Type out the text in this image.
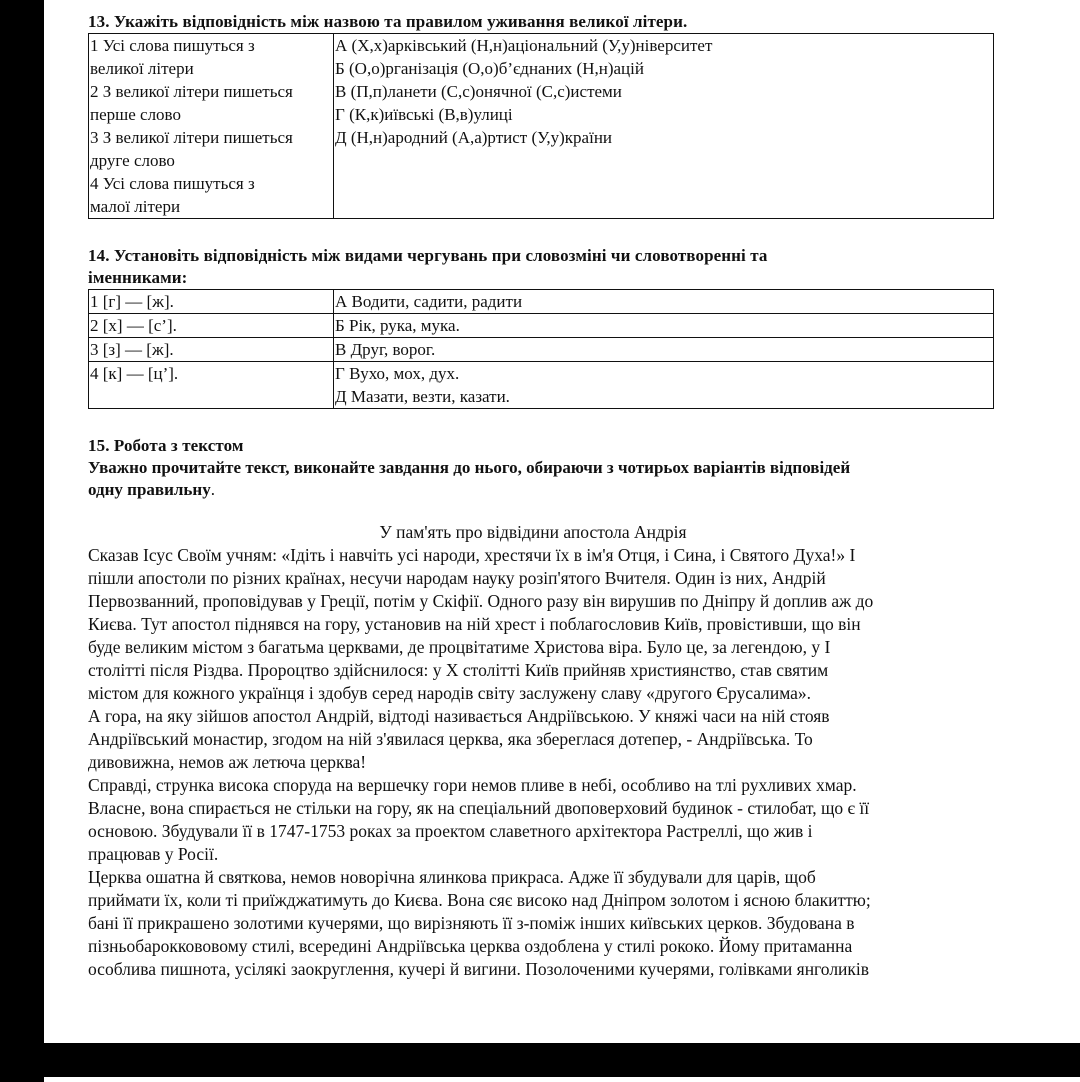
13. Укажіть відповідність між назвою та правилом уживання великої літери.

1 Усі слова пишуться з
великої літери
2 З великої літери пишеться
перше слово
3 З великої літери пишеться
друге слово
4 Усі слова пишуться з
малої літери

А (Х,х)арківський (Н,н)аціональний (У,у)ніверситет
Б (О,о)рганізація (О,о)б’єднаних (Н,н)ацій
В (П,п)ланети (С,с)онячної (С,с)истеми
Г (К,к)иївські (В,в)улиці
Д (Н,н)ародний (А,а)ртист (У,у)країни

14. Установіть відповідність між видами чергувань при словозміні чи словотворенні та
іменниками:

1 [г] — [ж].	А Водити, садити, радити

2 [х] — [с’].	Б Рік, рука, мука.

3 [з] — [ж].	В Друг, ворог.

4 [к] — [ц’].	Г Вухо, мох, дух.
Д Мазати, везти, казати.

15. Робота з текстом

Уважно прочитайте текст, виконайте завдання до нього, обираючи з чотирьох варіантів відповідей
одну правильну.

У пам'ять про відвідини апостола Андрія
Сказав Ісус Своїм учням: «Ідіть і навчіть усі народи, хрестячи їх в ім'я Отця, і Сина, і Святого Духа!» І
пішли апостоли по різних країнах, несучи народам науку розіп'ятого Вчителя. Один із них, Андрій
Первозванний, проповідував у Греції, потім у Скіфії. Одного разу він вирушив по Дніпру й доплив аж до
Києва. Тут апостол піднявся на гору, установив на ній хрест і поблагословив Київ, провістивши, що він
буде великим містом з багатьма церквами, де процвітатиме Христова віра. Було це, за легендою, у І
столітті після Різдва. Пророцтво здійснилося: у Х столітті Київ прийняв християнство, став святим
містом для кожного українця і здобув серед народів світу заслужену славу «другого Єрусалима».
А гора, на яку зійшов апостол Андрій, відтоді називається Андріївською. У княжі часи на ній стояв
Андріївський монастир, згодом на ній з'явилася церква, яка збереглася дотепер, - Андріївська. То
дивовижна, немов аж летюча церква!
Справді, струнка висока споруда на вершечку гори немов пливе в небі, особливо на тлі рухливих хмар.
Власне, вона спирається не стільки на гору, як на спеціальний двоповерховий будинок - стилобат, що є її
основою. Збудували її в 1747-1753 роках за проектом славетного архітектора Растреллі, що жив і
працював у Росії.
Церква ошатна й святкова, немов новорічна ялинкова прикраса. Адже її збудували для царів, щоб
приймати їх, коли ті приїжджатимуть до Києва. Вона сяє високо над Дніпром золотом і ясною блакиттю;
бані її прикрашено золотими кучерями, що вирізняють її з-поміж інших київських церков. Збудована в
пізньобароккововому стилі, всередині Андріївська церква оздоблена у стилі рококо. Йому притаманна
особлива пишнота, усілякі заокруглення, кучері й вигини. Позолоченими кучерями, голівками янголиків
